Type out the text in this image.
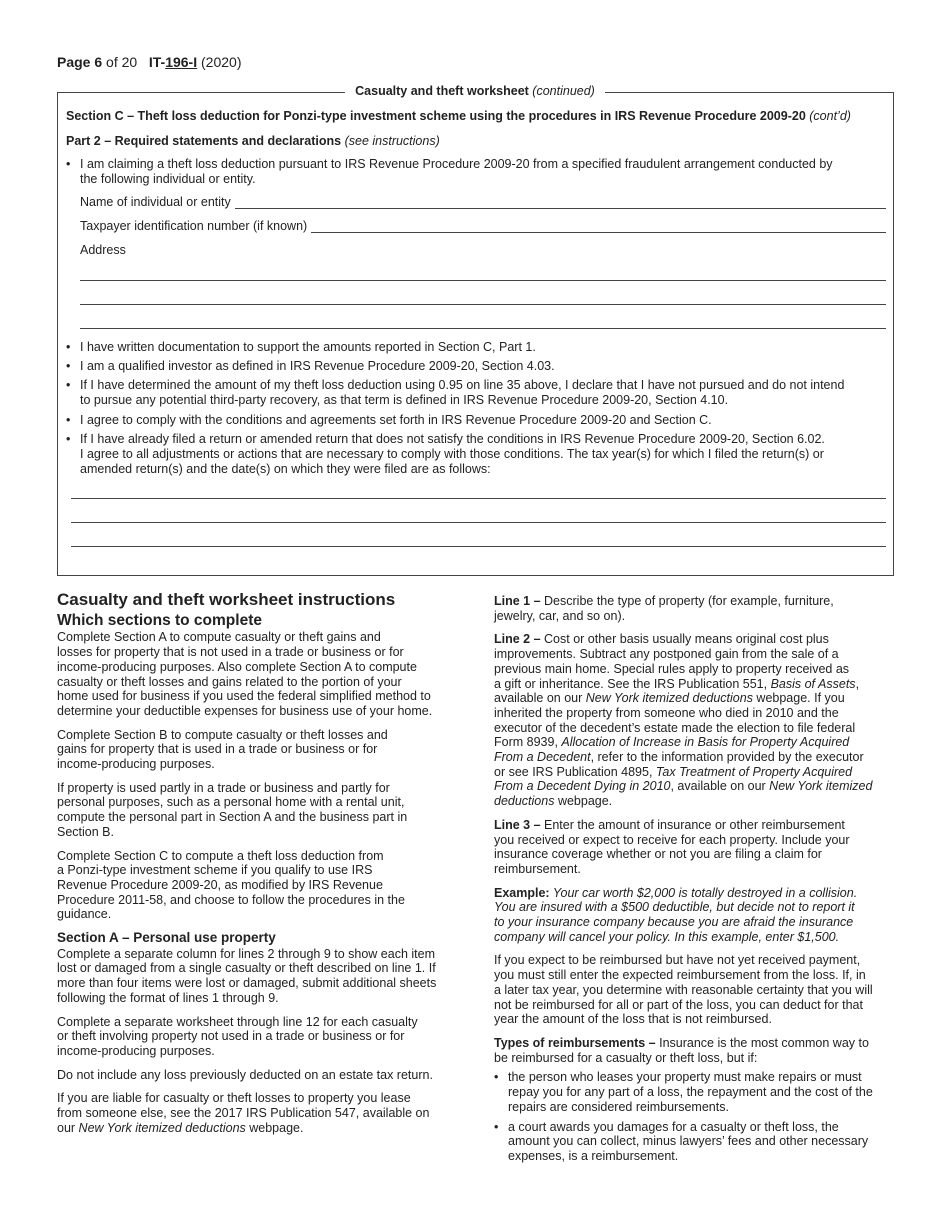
Page 6 of 20 IT-196-I (2020)
Casualty and theft worksheet (continued)
Section C – Theft loss deduction for Ponzi-type investment scheme using the procedures in IRS Revenue Procedure 2009-20 (cont’d)
Part 2 – Required statements and declarations (see instructions)
• I am claiming a theft loss deduction pursuant to IRS Revenue Procedure 2009-20 from a specified fraudulent arrangement conducted by
the following individual or entity.
Name of individual or entity
Taxpayer identification number (if known)
Address
• I have written documentation to support the amounts reported in Section C, Part 1.
• I am a qualified investor as defined in IRS Revenue Procedure 2009-20, Section 4.03.
• If I have determined the amount of my theft loss deduction using 0.95 on line 35 above, I declare that I have not pursued and do not intend
to pursue any potential third-party recovery, as that term is defined in IRS Revenue Procedure 2009-20, Section 4.10.
• I agree to comply with the conditions and agreements set forth in IRS Revenue Procedure 2009-20 and Section C.
• If I have already filed a return or amended return that does not satisfy the conditions in IRS Revenue Procedure 2009-20, Section 6.02.
I agree to all adjustments or actions that are necessary to comply with those conditions. The tax year(s) for which I filed the return(s) or
amended return(s) and the date(s) on which they were filed are as follows:
Casualty and theft worksheet instructions
Which sections to complete

Complete Section A to compute casualty or theft gains and
losses for property that is not used in a trade or business or for
income-producing purposes. Also complete Section A to compute
casualty or theft losses and gains related to the portion of your
home used for business if you used the federal simplified method to
determine your deductible expenses for business use of your home.

Complete Section B to compute casualty or theft losses and
gains for property that is used in a trade or business or for
income-producing purposes.

If property is used partly in a trade or business and partly for
personal purposes, such as a personal home with a rental unit,
compute the personal part in Section A and the business part in
Section B.

Complete Section C to compute a theft loss deduction from
a Ponzi-type investment scheme if you qualify to use IRS
Revenue Procedure 2009-20, as modified by IRS Revenue
Procedure 2011-58, and choose to follow the procedures in the
guidance.

Section A – Personal use property

Complete a separate column for lines 2 through 9 to show each item
lost or damaged from a single casualty or theft described on line 1. If
more than four items were lost or damaged, submit additional sheets
following the format of lines 1 through 9.

Complete a separate worksheet through line 12 for each casualty
or theft involving property not used in a trade or business or for
income-producing purposes.

Do not include any loss previously deducted on an estate tax return.

If you are liable for casualty or theft losses to property you lease
from someone else, see the 2017 IRS Publication 547, available on
our New York itemized deductions webpage.

Line 1 – Describe the type of property (for example, furniture,
jewelry, car, and so on).

Line 2 – Cost or other basis usually means original cost plus
improvements. Subtract any postponed gain from the sale of a
previous main home. Special rules apply to property received as
a gift or inheritance. See the IRS Publication 551, Basis of Assets,
available on our New York itemized deductions webpage. If you
inherited the property from someone who died in 2010 and the
executor of the decedent’s estate made the election to file federal
Form 8939, Allocation of Increase in Basis for Property Acquired
From a Decedent, refer to the information provided by the executor
or see IRS Publication 4895, Tax Treatment of Property Acquired
From a Decedent Dying in 2010, available on our New York itemized
deductions webpage.

Line 3 – Enter the amount of insurance or other reimbursement
you received or expect to receive for each property. Include your
insurance coverage whether or not you are filing a claim for
reimbursement.

Example: Your car worth $2,000 is totally destroyed in a collision.
You are insured with a $500 deductible, but decide not to report it
to your insurance company because you are afraid the insurance
company will cancel your policy. In this example, enter $1,500.

If you expect to be reimbursed but have not yet received payment,
you must still enter the expected reimbursement from the loss. If, in
a later tax year, you determine with reasonable certainty that you will
not be reimbursed for all or part of the loss, you can deduct for that
year the amount of the loss that is not reimbursed.

Types of reimbursements – Insurance is the most common way to
be reimbursed for a casualty or theft loss, but if:

• the person who leases your property must make repairs or must
repay you for any part of a loss, the repayment and the cost of the
repairs are considered reimbursements.
• a court awards you damages for a casualty or theft loss, the
amount you can collect, minus lawyers’ fees and other necessary
expenses, is a reimbursement.
